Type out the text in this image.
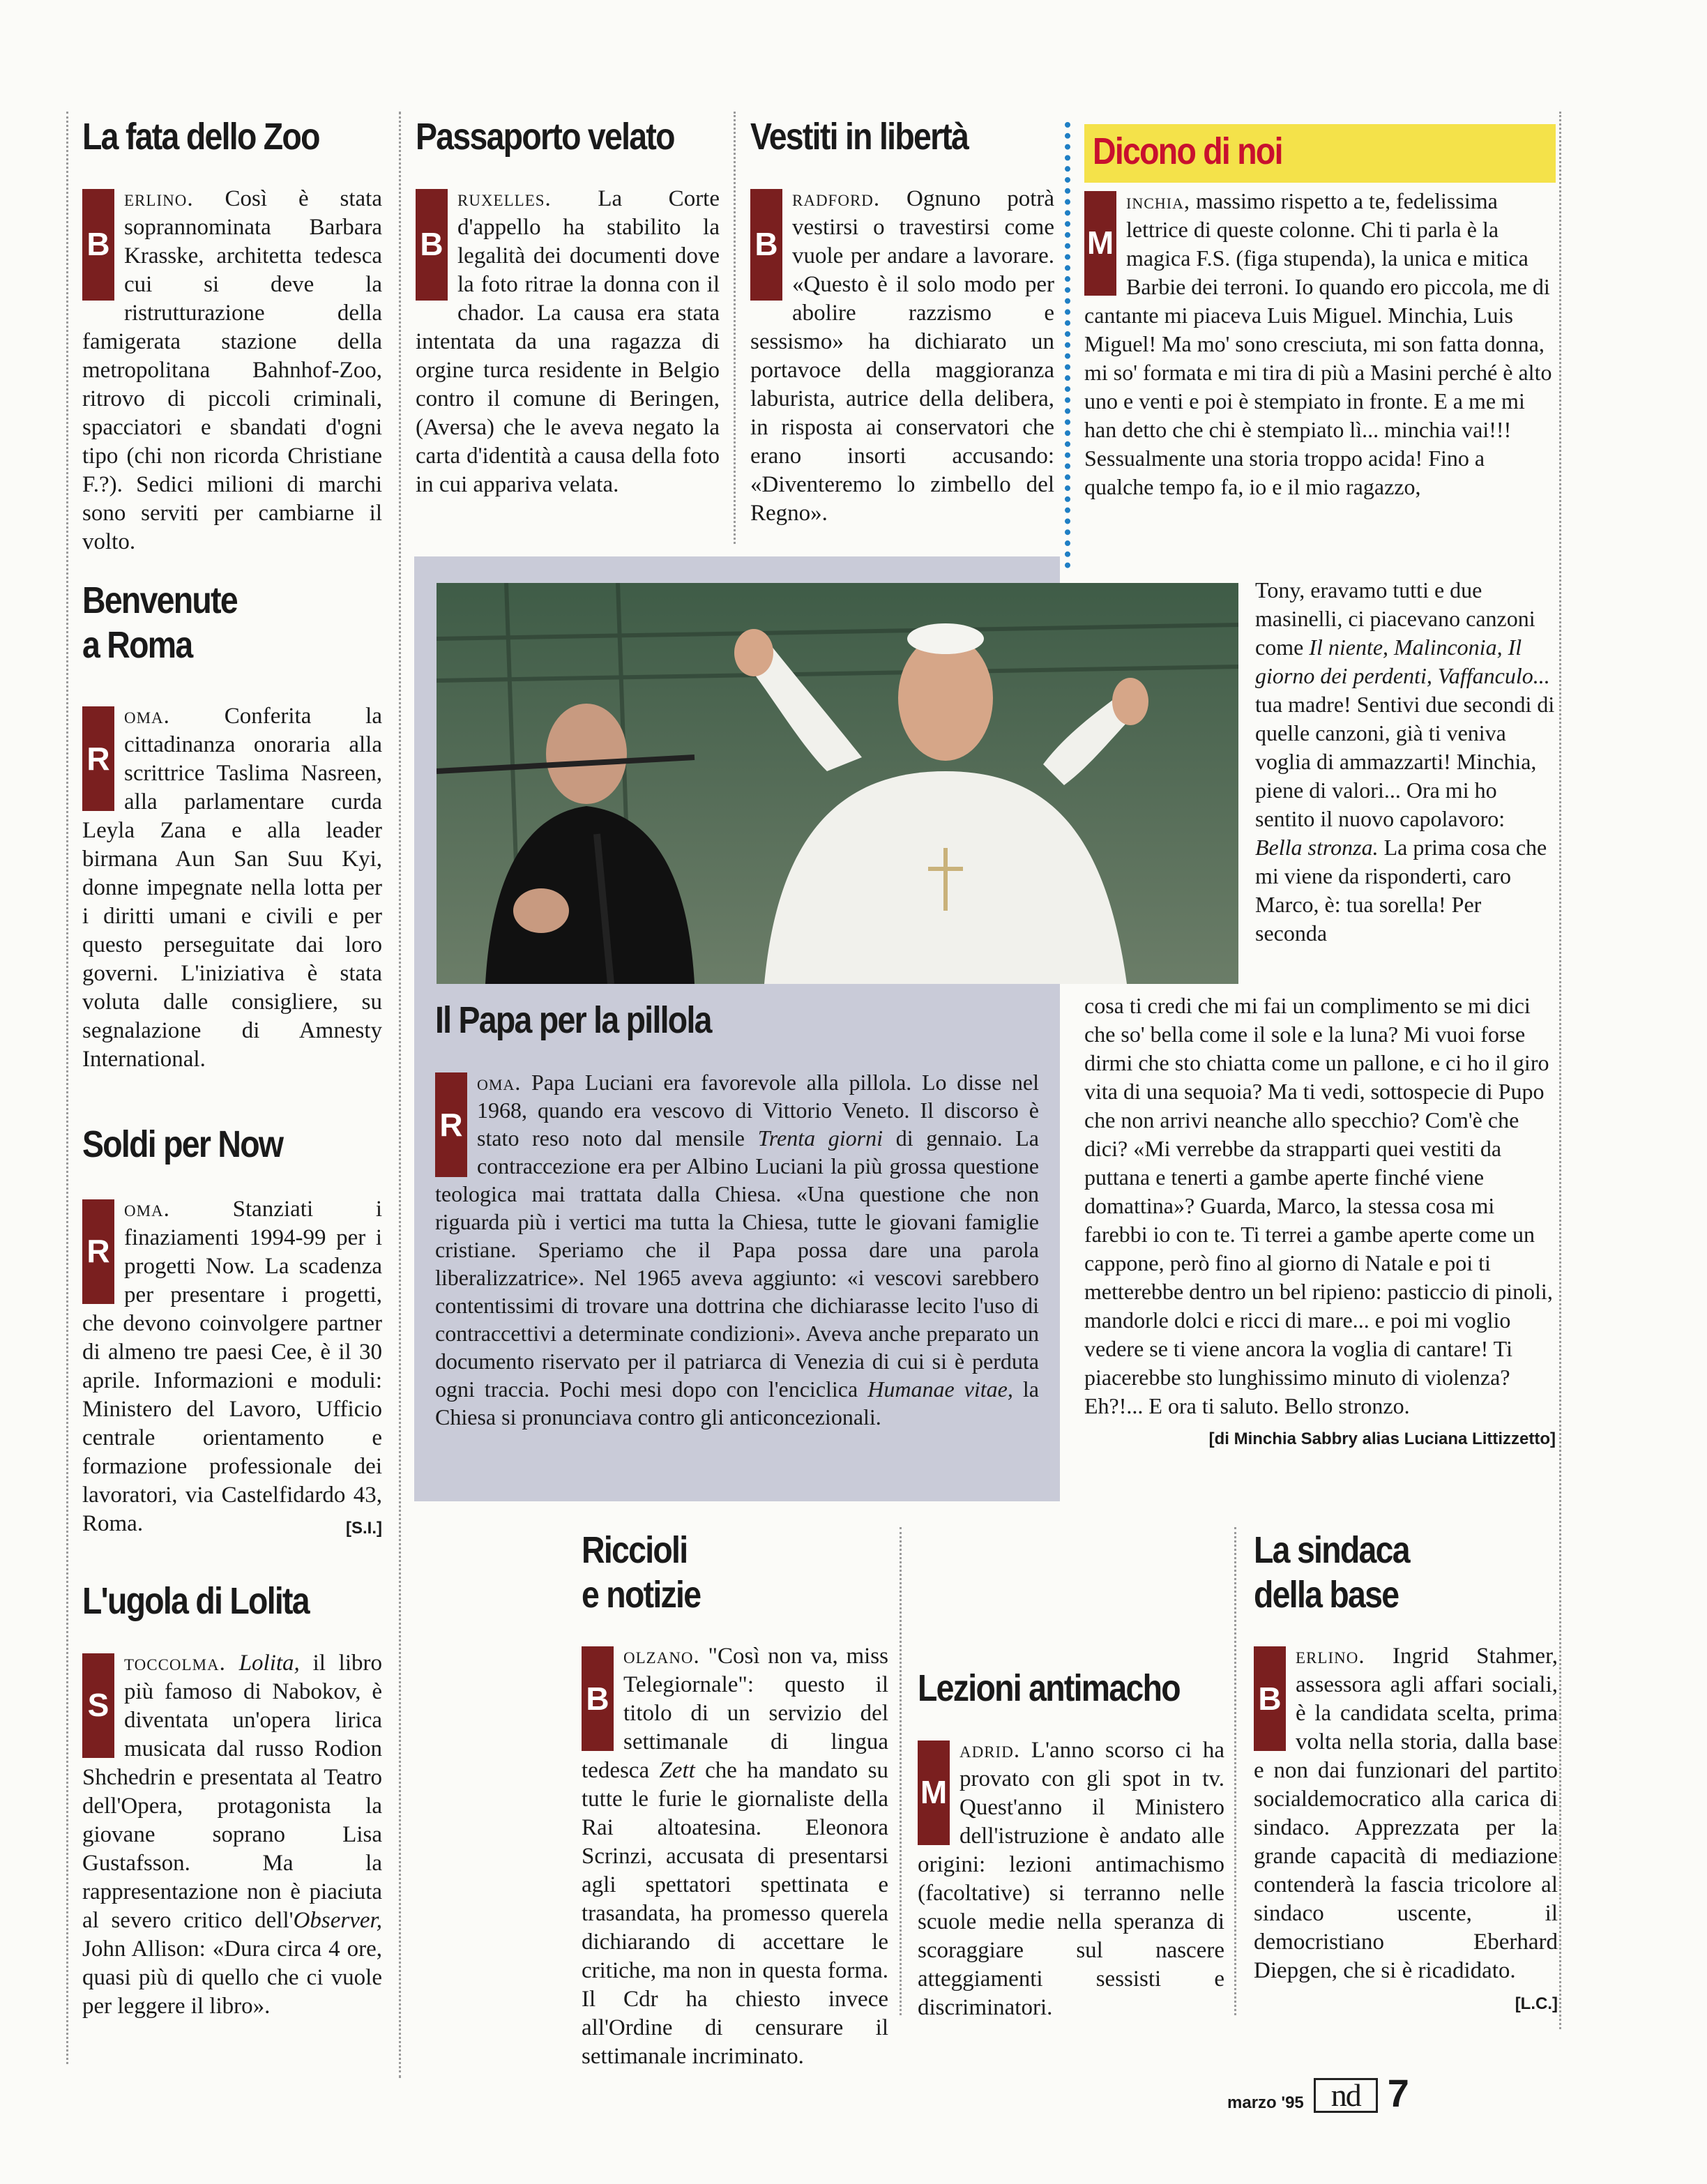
La fata dello Zoo

B
erlino. Così è stata soprannominata Barbara Krasske, architetta tedesca cui si deve la ristrutturazione della famigerata stazione della metropolitana Bahnhof-Zoo, ritrovo di piccoli criminali, spacciatori e sbandati d'ogni tipo (chi non ricorda Christiane F.?). Sedici milioni di marchi sono serviti per cambiarne il volto.

Benvenute
a Roma

R
oma. Conferita la cittadinanza onoraria alla scrittrice Taslima Nasreen, alla parlamentare curda Leyla Zana e alla leader birmana Aun San Suu Kyi, donne impegnate nella lotta per i diritti umani e civili e per questo perseguitate dai loro governi. L'iniziativa è stata voluta dalle consigliere, su segnalazione di Amnesty International.

Soldi per Now

R
oma. Stanziati i finaziamenti 1994-99 per i progetti Now. La scadenza per presentare i progetti, che devono coinvolgere partner di almeno tre paesi Cee, è il 30 aprile. Informazioni e moduli: Ministero del Lavoro, Ufficio centrale orientamento e formazione professionale dei lavoratori, via Castelfidardo 43, Roma.	[S.I.]

L'ugola di Lolita

S
toccolma. Lolita, il libro più famoso di Nabokov, è diventata un'opera lirica musicata dal russo Rodion Shchedrin e presentata al Teatro dell'Opera, protagonista la giovane soprano Lisa Gustafsson. Ma la rappresentazione non è piaciuta al severo critico dell'Observer, John Allison: «Dura circa 4 ore, quasi più di quello che ci vuole per leggere il libro».

Passaporto velato

B
ruxelles. La Corte d'appello ha stabilito la legalità dei documenti dove la foto ritrae la donna con il chador. La causa era stata intentata da una ragazza di orgine turca residente in Belgio contro il comune di Beringen, (Aversa) che le aveva negato la carta d'identità a causa della foto in cui appariva velata.

Vestiti in libertà

B
radford. Ognuno potrà vestirsi o travestirsi come vuole per andare a lavorare. «Questo è il solo modo per abolire razzismo e sessismo» ha dichiarato un portavoce della maggioranza laburista, autrice della delibera, in risposta ai conservatori che erano insorti accusando: «Diventeremo lo zimbello del Regno».

Il Papa per la pillola

R
oma. Papa Luciani era favorevole alla pillola. Lo disse nel 1968, quando era vescovo di Vittorio Veneto. Il discorso è stato reso noto dal mensile Trenta giorni di gennaio. La contraccezione era per Albino Luciani la più grossa questione teologica mai trattata dalla Chiesa. «Una questione che non riguarda più i vertici ma tutta la Chiesa, tutte le giovani famiglie cristiane. Speriamo che il Papa possa dare una parola liberalizzatrice». Nel 1965 aveva aggiunto: «i vescovi sarebbero contentissimi di trovare una dottrina che dichiarasse lecito l'uso di contraccettivi a determinate condizioni». Aveva anche preparato un documento riservato per il patriarca di Venezia di cui si è perduta ogni traccia. Pochi mesi dopo con l'enciclica Humanae vitae, la Chiesa si pronunciava contro gli anticoncezionali.

Dicono di noi

M
inchia, massimo rispetto a te, fedelissima lettrice di queste colonne. Chi ti parla è la magica F.S. (figa stupenda), la unica e mitica Barbie dei terroni. Io quando ero piccola, me di cantante mi piaceva Luis Miguel. Minchia, Luis Miguel! Ma mo' sono cresciuta, mi son fatta donna, mi so' formata e mi tira di più a Masini perché è alto uno e venti e poi è stempiato in fronte. E a me mi han detto che chi è stempiato lì... minchia vai!!! Sessualmente una storia troppo acida! Fino a qualche tempo fa, io e il mio ragazzo,

Tony, eravamo tutti e due masinelli, ci piacevano canzoni come Il niente, Malinconia, Il giorno dei perdenti, Vaffanculo... tua madre! Sentivi due secondi di quelle canzoni, già ti veniva voglia di ammazzarti! Minchia, piene di valori... Ora mi ho sentito il nuovo capolavoro: Bella stronza. La prima cosa che mi viene da risponderti, caro Marco, è: tua sorella! Per seconda

cosa ti credi che mi fai un complimento se mi dici che so' bella come il sole e la luna? Mi vuoi forse dirmi che sto chiatta come un pallone, e ci ho il giro vita di una sequoia? Ma ti vedi, sottospecie di Pupo che non arrivi neanche allo specchio? Com'è che dici? «Mi verrebbe da strapparti quei vestiti da puttana e tenerti a gambe aperte finché viene domattina»? Guarda, Marco, la stessa cosa mi farebbi io con te. Ti terrei a gambe aperte come un cappone, però fino al giorno di Natale e poi ti metterebbe dentro un bel ripieno: pasticcio di pinoli, mandorle dolci e ricci di mare... e poi mi voglio vedere se ti viene ancora la voglia di cantare! Ti piacerebbe sto lunghissimo minuto di violenza? Eh?!... E ora ti saluto. Bello stronzo.
[di Minchia Sabbry alias Luciana Littizzetto]

Riccioli
e notizie

B
olzano. "Così non va, miss Telegiornale": questo il titolo di un servizio del settimanale di lingua tedesca Zett che ha mandato su tutte le furie le giornaliste della Rai altoatesina. Eleonora Scrinzi, accusata di presentarsi agli spettatori spettinata e trasandata, ha promesso querela dichiarando di accettare le critiche, ma non in questa forma. Il Cdr ha chiesto invece all'Ordine di censurare il settimanale incriminato.

Lezioni antimacho

M
adrid. L'anno scorso ci ha provato con gli spot in tv. Quest'anno il Ministero dell'istruzione è andato alle origini: lezioni antimachismo (facoltative) si terranno nelle scuole medie nella speranza di scoraggiare sul nascere atteggiamenti sessisti e discriminatori.

La sindaca
della base

B
erlino. Ingrid Stahmer, assessora agli affari sociali, è la candidata scelta, prima volta nella storia, dalla base e non dai funzionari del partito socialdemocratico alla carica di sindaco. Apprezzata per la grande capacità di mediazione contenderà la fascia tricolore al sindaco uscente, il democristiano Eberhard Diepgen, che si è ricadidato.
[L.C.]

marzo '95 nd 7
